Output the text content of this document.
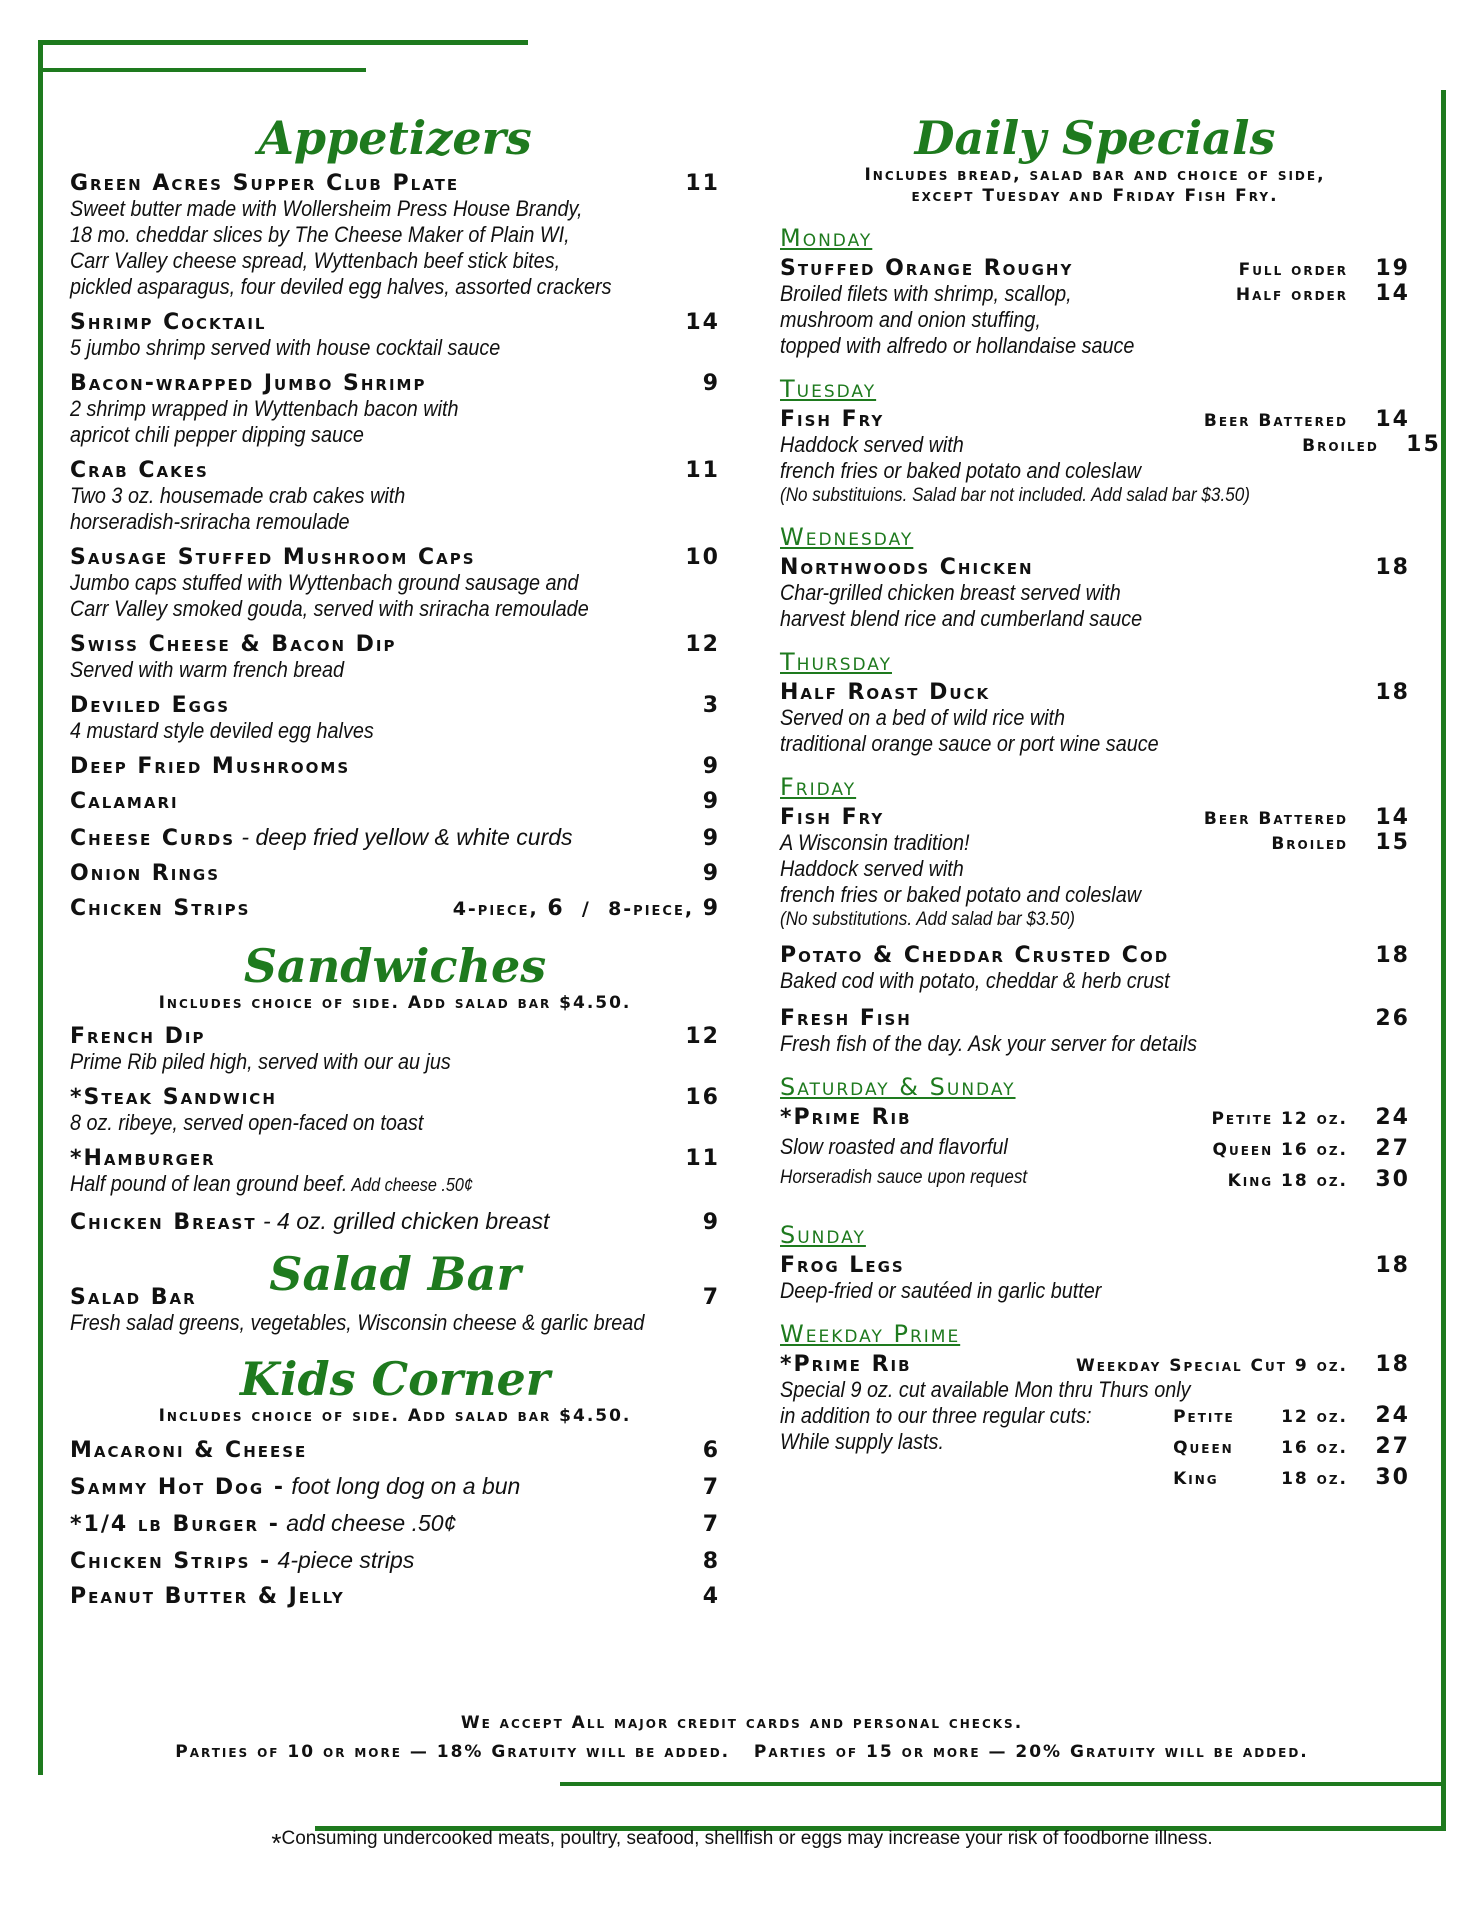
Appetizers
Green Acres Supper Club Plate	11
Sweet butter made with Wollersheim Press House Brandy,
18 mo. cheddar slices by The Cheese Maker of Plain WI,
Carr Valley cheese spread, Wyttenbach beef stick bites,
pickled asparagus, four deviled egg halves, assorted crackers
Shrimp Cocktail	14
5 jumbo shrimp served with house cocktail sauce
Bacon-wrapped Jumbo Shrimp	9
2 shrimp wrapped in Wyttenbach bacon with
apricot chili pepper dipping sauce
Crab Cakes	11
Two 3 oz. housemade crab cakes with
horseradish-sriracha remoulade
Sausage Stuffed Mushroom Caps	10
Jumbo caps stuffed with Wyttenbach ground sausage and
Carr Valley smoked gouda, served with sriracha remoulade
Swiss Cheese & Bacon Dip	12
Served with warm french bread
Deviled Eggs	3
4 mustard style deviled egg halves
Deep Fried Mushrooms	9
Calamari	9
Cheese Curds - deep fried yellow & white curds	9
Onion Rings	9
Chicken Strips	4-piece, 6 / 8-piece, 9
Sandwiches
Includes choice of side. Add salad bar $4.50.
French Dip	12
Prime Rib piled high, served with our au jus
*Steak Sandwich	16
8 oz. ribeye, served open-faced on toast
*Hamburger	11
Half pound of lean ground beef. Add cheese .50¢
Chicken Breast - 4 oz. grilled chicken breast	9
Salad Bar
Salad Bar	7
Fresh salad greens, vegetables, Wisconsin cheese & garlic bread
Kids Corner
Includes choice of side. Add salad bar $4.50.
Macaroni & Cheese	6
Sammy Hot Dog - foot long dog on a bun	7
*1/4 lb Burger - add cheese .50¢	7
Chicken Strips - 4-piece strips	8
Peanut Butter & Jelly	4
Daily Specials
Includes bread, salad bar and choice of side,
except Tuesday and Friday Fish Fry.
Monday
Stuffed Orange Roughy	Full order	19
Broiled filets with shrimp, scallop,
mushroom and onion stuffing,
topped with alfredo or hollandaise sauce
Half order	14
Tuesday
Fish Fry	Beer Battered	14
Haddock served with
french fries or baked potato and coleslaw
(No substituions. Salad bar not included. Add salad bar $3.50)
Broiled	15
Wednesday
Northwoods Chicken	18
Char-grilled chicken breast served with
harvest blend rice and cumberland sauce
Thursday
Half Roast Duck	18
Served on a bed of wild rice with
traditional orange sauce or port wine sauce
Friday
Fish Fry	Beer Battered	14
A Wisconsin tradition!
Haddock served with
french fries or baked potato and coleslaw
(No substitutions. Add salad bar $3.50)
Broiled	15
Potato & Cheddar Crusted Cod	18
Baked cod with potato, cheddar & herb crust
Fresh Fish	26
Fresh fish of the day. Ask your server for details
Saturday & Sunday
*Prime Rib
Slow roasted and flavorful
Horseradish sauce upon request
Petite 12 oz.	24
Queen 16 oz.	27
King 18 oz.	30
Sunday
Frog Legs	18
Deep-fried or sautéed in garlic butter
Weekday Prime
*Prime Rib	Weekday Special Cut 9 oz.	18
Special 9 oz. cut available Mon thru Thurs only
in addition to our three regular cuts:
While supply lasts.
Petite	12 oz.	24
Queen	16 oz.	27
King	18 oz.	30
We accept All major credit cards and personal checks.
Parties of 10 or more — 18% Gratuity will be added.   Parties of 15 or more — 20% Gratuity will be added.
*Consuming undercooked meats, poultry, seafood, shellfish or eggs may increase your risk of foodborne illness.
